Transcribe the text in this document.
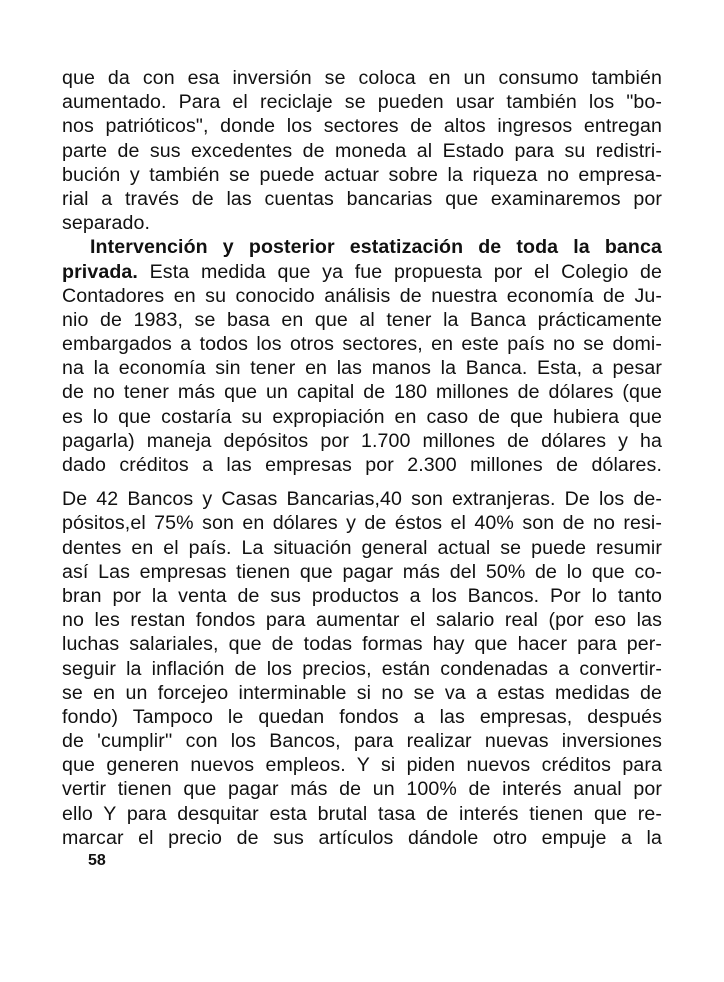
que da con esa inversión se coloca en un consumo también
aumentado. Para el reciclaje se pueden usar también los "bo-
nos patrióticos", donde los sectores de altos ingresos entregan
parte de sus excedentes de moneda al Estado para su redistri-
bución y también se puede actuar sobre la riqueza no empresa-
rial a través de las cuentas bancarias que examinaremos por
separado.
Intervención y posterior estatización de toda la banca
privada. Esta medida que ya fue propuesta por el Colegio de
Contadores en su conocido análisis de nuestra economía de Ju-
nio de 1983, se basa en que al tener la Banca prácticamente
embargados a todos los otros sectores, en este país no se domi-
na la economía sin tener en las manos la Banca. Esta, a pesar
de no tener más que un capital de 180 millones de dólares (que
es lo que costaría su expropiación en caso de que hubiera que
pagarla) maneja depósitos por 1.700 millones de dólares y ha
dado créditos a las empresas por 2.300 millones de dólares.
De 42 Bancos y Casas Bancarias,40 son extranjeras. De los de-
pósitos,el 75% son en dólares y de éstos el 40% son de no resi-
dentes en el país. La situación general actual se puede resumir
así Las empresas tienen que pagar más del 50% de lo que co-
bran por la venta de sus productos a los Bancos. Por lo tanto
no les restan fondos para aumentar el salario real (por eso las
luchas salariales, que de todas formas hay que hacer para per-
seguir la inflación de los precios, están condenadas a convertir-
se en un forcejeo interminable si no se va a estas medidas de
fondo) Tampoco le quedan fondos a las empresas, después
de 'cumplir'' con los Bancos, para realizar nuevas inversiones
que generen nuevos empleos. Y si piden nuevos créditos para
vertir tienen que pagar más de un 100% de interés anual por
ello Y para desquitar esta brutal tasa de interés tienen que re-
marcar el precio de sus artículos dándole otro empuje a la
58
